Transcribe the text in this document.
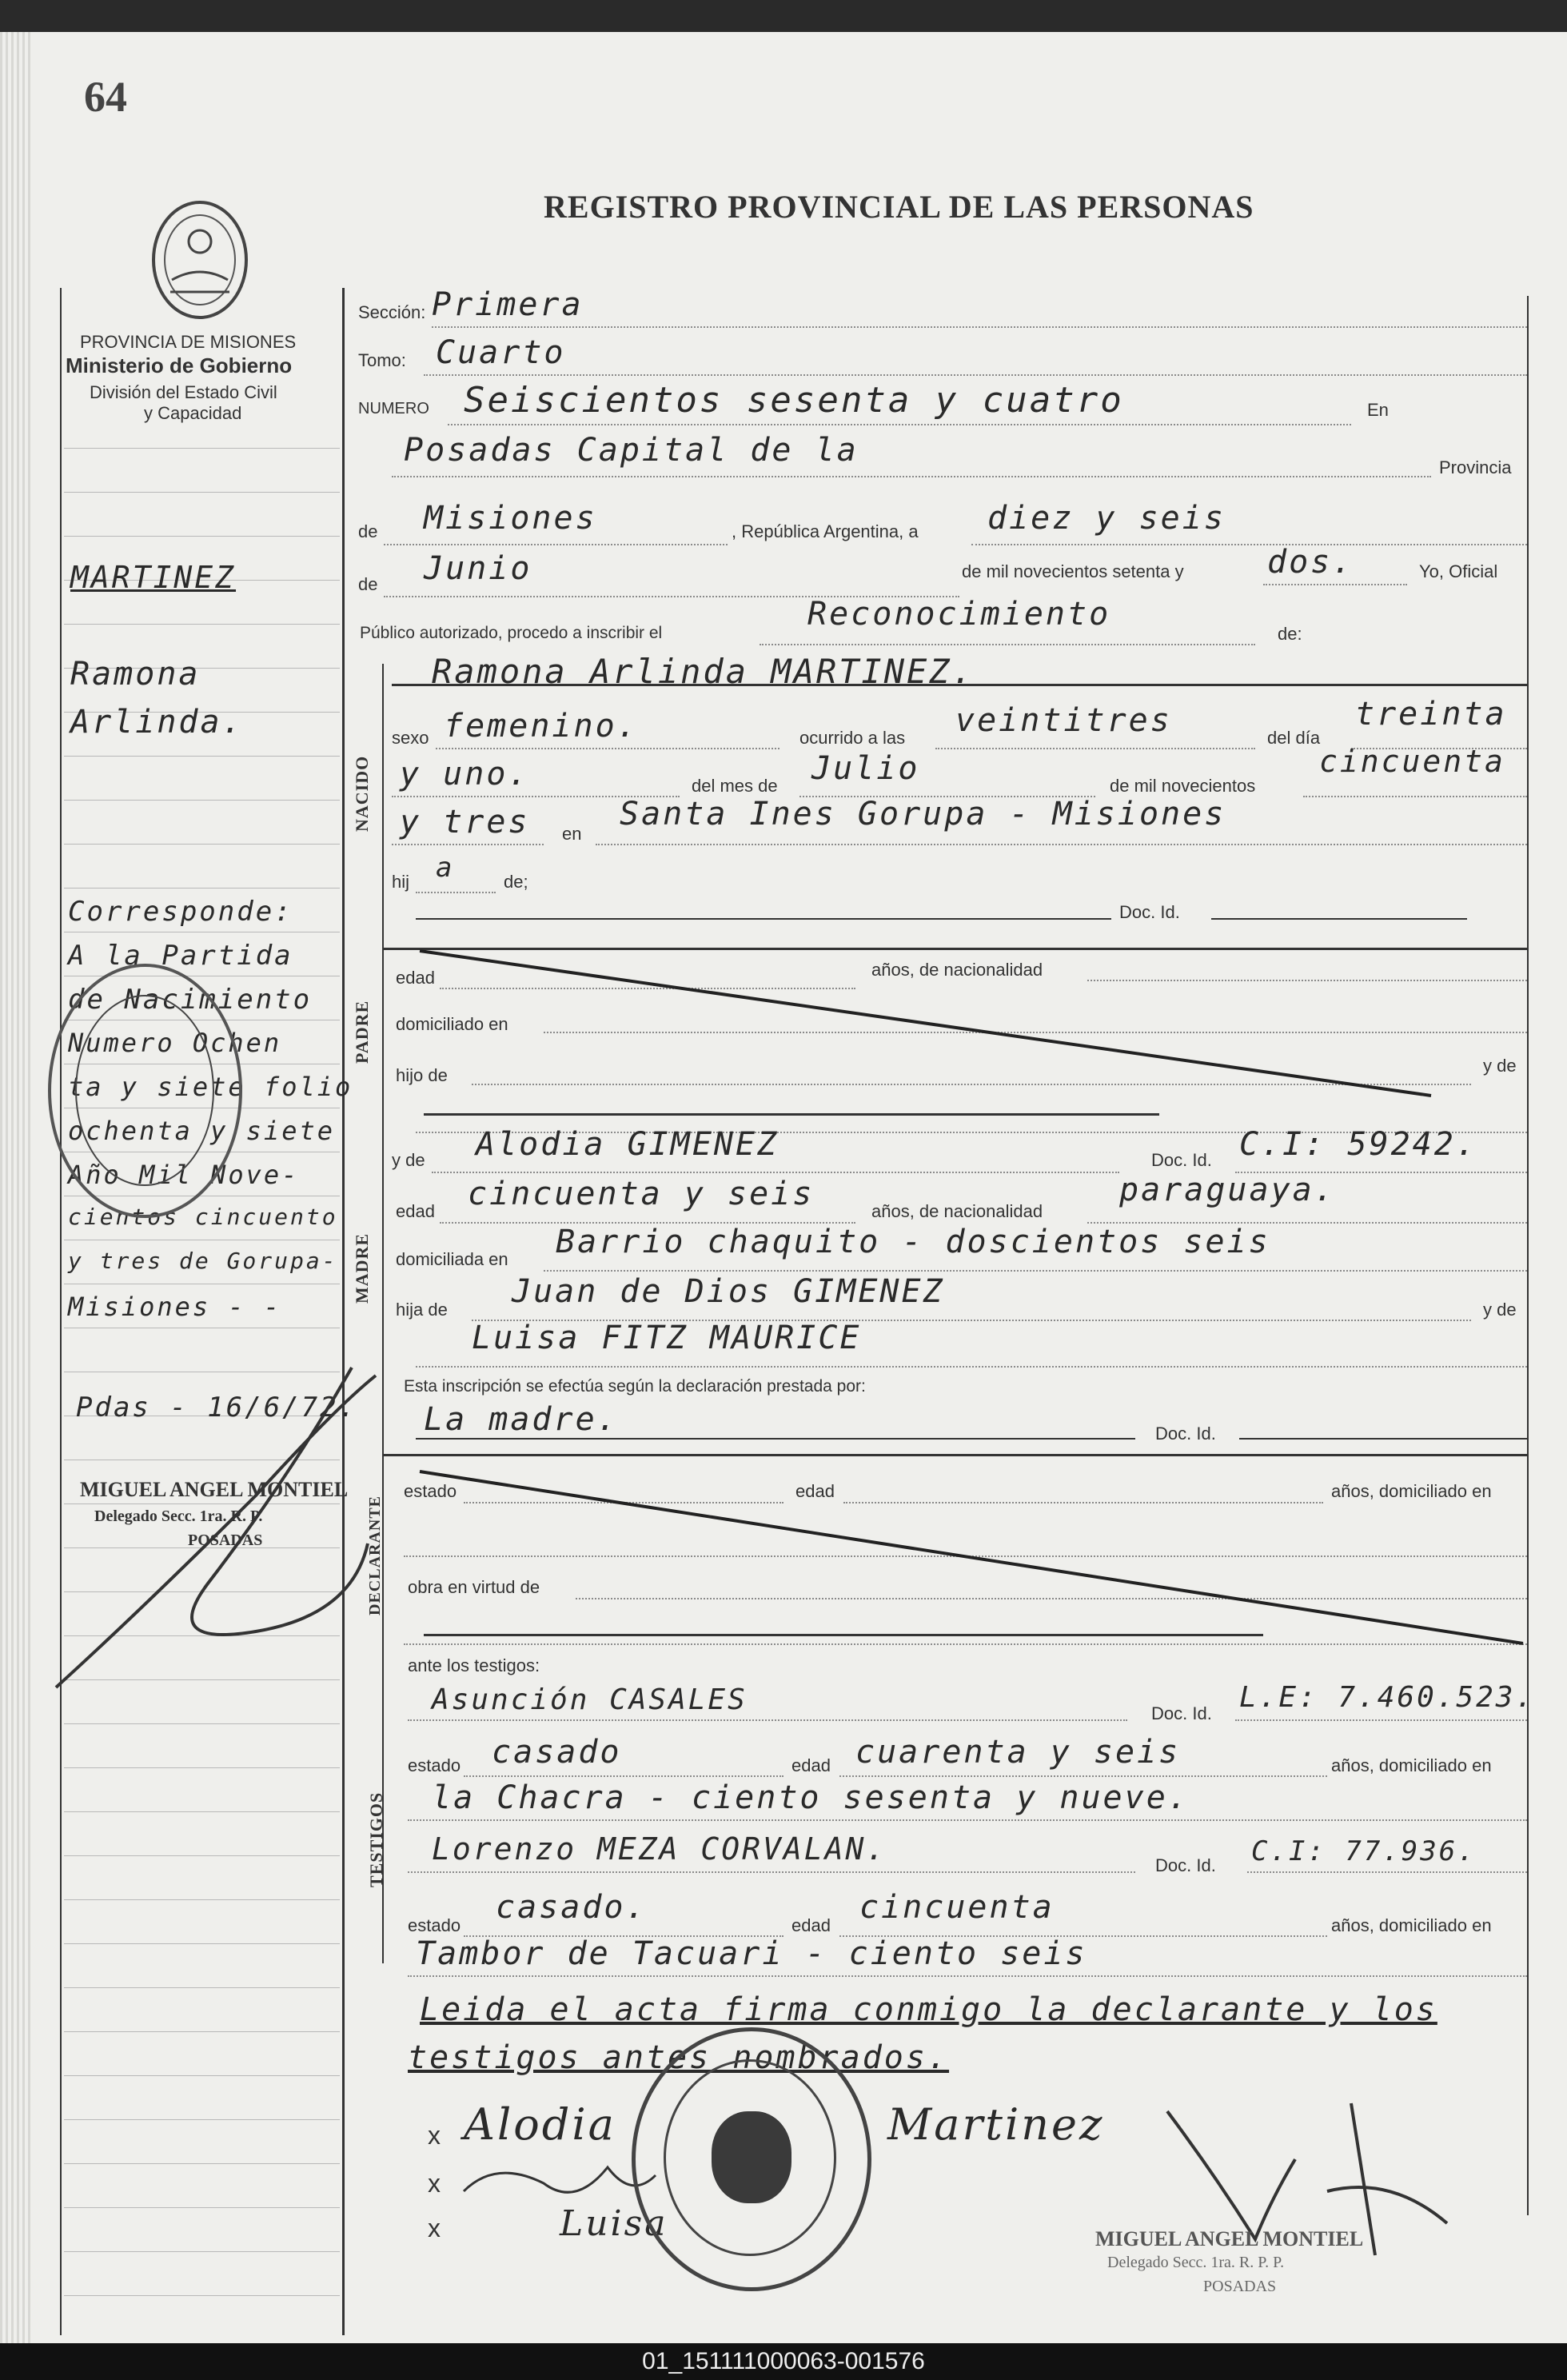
64
REGISTRO PROVINCIAL DE LAS PERSONAS
PROVINCIA DE MISIONES
Ministerio de Gobierno
División del Estado Civil
y Capacidad
MARTINEZ
Ramona
Arlinda.
Corresponde:
A la Partida
de Nacimiento
Numero Ochen
ta y siete folio
ochenta y siete
Año Mil Nove-
cientos cincuento
y tres de Gorupa-
Misiones - -
Pdas - 16/6/72.
MIGUEL ANGEL MONTIEL
Delegado Secc. 1ra. R. P.
POSADAS
Sección: Primera
Tomo: Cuarto
NUMERO Seiscientos sesenta y cuatro	En
Posadas Capital de la	Provincia
de Misiones	, República Argentina, a diez y seis
de Junio	de mil novecientos setenta y	dos.	Yo, Oficial
Público autorizado, procedo a inscribir el
Reconocimiento
de:
Ramona Arlinda MARTINEZ.
NACIDO
sexo femenino.	ocurrido a las veintitres	del día
treinta
y uno.	del mes de Julio	de mil novecientos
cincuenta
y tres en
Santa Ines Gorupa - Misiones
hij a	de;
Doc. Id.
PADRE
edad	años, de nacionalidad
domiciliado en
hijo de	y de
MADRE
y de Alodia GIMENEZ	Doc. Id. C.I: 59242.
edad cincuenta y seis	años, de nacionalidad
paraguaya.
domiciliada en Barrio chaquito - doscientos seis
hija de Juan de Dios GIMENEZ	y de
Luisa FITZ MAURICE
Esta inscripción se efectúa según la declaración prestada por:
La madre.	Doc. Id.
DECLARANTE
estado	edad	años, domiciliado en
obra en virtud de
ante los testigos:
TESTIGOS
Asunción CASALES	Doc. Id. L.E: 7.460.523.
estado casado	edad cuarenta y seis	años, domiciliado en
la Chacra - ciento sesenta y nueve.
Lorenzo MEZA CORVALAN.	Doc. Id. C.I: 77.936.
estado casado.	edad cincuenta	años, domiciliado en
Tambor de Tacuari - ciento seis
Leida el acta firma conmigo la declarante y los
testigos antes nombrados.
x
x
x
Alodia	Martinez
Luisa	MIGUEL ANGEL MONTIEL
Delegado Secc. 1ra. R. P. P.
POSADAS
01_151111000063-001576
